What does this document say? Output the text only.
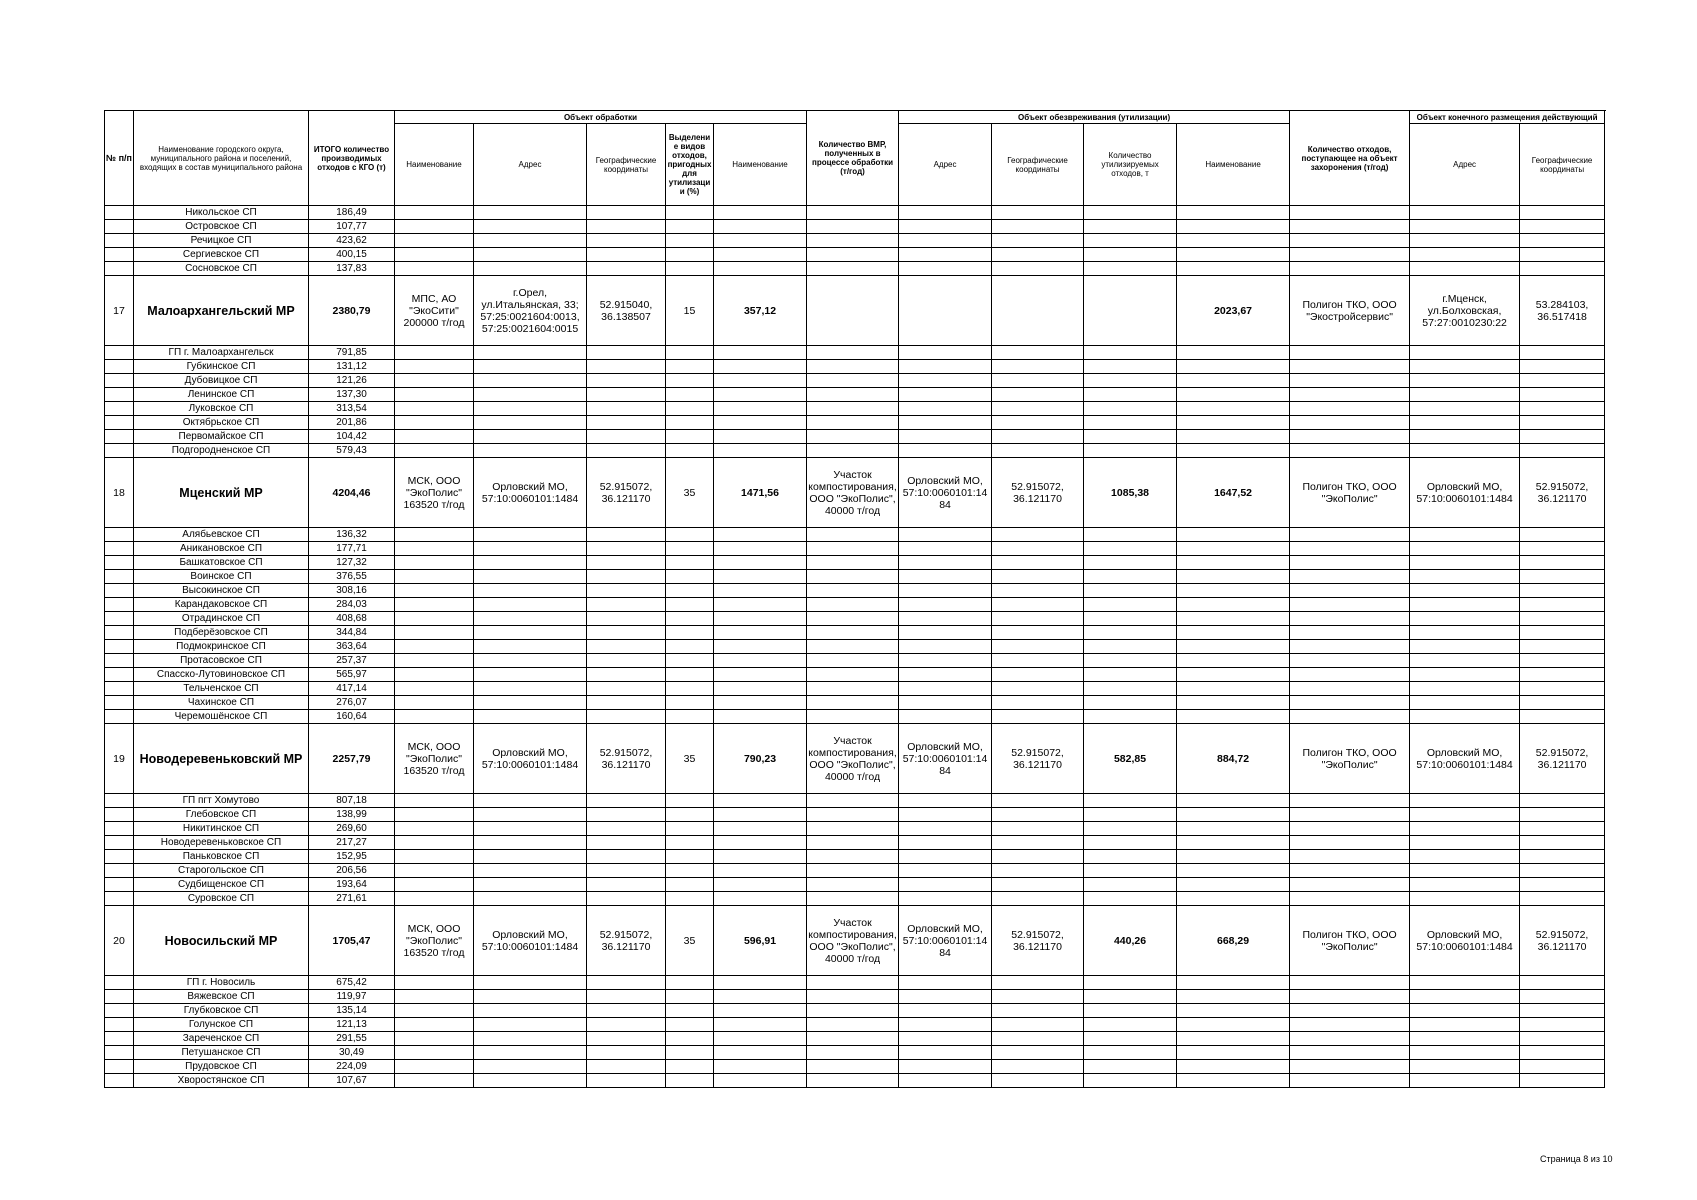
№ п/п	Наименование городского округа, муниципального района и поселений, входящих в состав муниципального района	ИТОГО количество производимых отходов с КГО (т)	Объект обработки					Количество ВМР, полученных в процессе обработки (т/год)	Объект обезвреживания (утилизации)				Количество отходов, поступающее на объект захоронения (т/год)	Объект конечного размещения действующий	
			Наименование	Адрес	Географические координаты	Выделение видов отходов, пригодных для утилизации (%)	Наименование		Адрес	Географические координаты	Количество утилизируемых отходов, т	Наименование		Адрес	Географические координаты
	Никольское СП	186,49													
	Островское СП	107,77													
	Речицкое СП	423,62													
	Сергиевское СП	400,15													
	Сосновское СП	137,83													
17	Малоархангельский МР	2380,79	МПС, АО "ЭкоСити" 200000 т/год	г.Орел, ул.Итальянская, 33; 57:25:0021604:0013, 57:25:0021604:0015	52.915040, 36.138507	15	357,12					2023,67	Полигон ТКО, ООО "Экостройсервис"	г.Мценск, ул.Болховская, 57:27:0010230:22	53.284103, 36.517418
	ГП г. Малоархангельск	791,85													
	Губкинское СП	131,12													
	Дубовицкое СП	121,26													
	Ленинское СП	137,30													
	Луковское СП	313,54													
	Октябрьское СП	201,86													
	Первомайское СП	104,42													
	Подгородненское СП	579,43													
18	Мценский МР	4204,46	МСК, ООО "ЭкоПолис" 163520 т/год	Орловский МО, 57:10:0060101:1484	52.915072, 36.121170	35	1471,56	Участок компостирования, ООО "ЭкоПолис", 40000 т/год	Орловский МО, 57:10:0060101:1484	52.915072, 36.121170	1085,38	1647,52	Полигон ТКО, ООО "ЭкоПолис"	Орловский МО, 57:10:0060101:1484	52.915072, 36.121170
	Алябьевское СП	136,32													
	Аникановское СП	177,71													
	Башкатовское СП	127,32													
	Воинское СП	376,55													
	Высокинское СП	308,16													
	Карандаковское СП	284,03													
	Отрадинское СП	408,68													
	Подберёзовское СП	344,84													
	Подмокринское СП	363,64													
	Протасовское СП	257,37													
	Спасско-Лутовиновское СП	565,97													
	Тельченское СП	417,14													
	Чахинское СП	276,07													
	Черемошёнское СП	160,64													
19	Новодеревеньковский МР	2257,79	МСК, ООО "ЭкоПолис" 163520 т/год	Орловский МО, 57:10:0060101:1484	52.915072, 36.121170	35	790,23	Участок компостирования, ООО "ЭкоПолис", 40000 т/год	Орловский МО, 57:10:0060101:1484	52.915072, 36.121170	582,85	884,72	Полигон ТКО, ООО "ЭкоПолис"	Орловский МО, 57:10:0060101:1484	52.915072, 36.121170
	ГП пгт Хомутово	807,18													
	Глебовское СП	138,99													
	Никитинское СП	269,60													
	Новодеревеньковское СП	217,27													
	Паньковское СП	152,95													
	Старогольское СП	206,56													
	Судбищенское СП	193,64													
	Суровское СП	271,61													
20	Новосильский МР	1705,47	МСК, ООО "ЭкоПолис" 163520 т/год	Орловский МО, 57:10:0060101:1484	52.915072, 36.121170	35	596,91	Участок компостирования, ООО "ЭкоПолис", 40000 т/год	Орловский МО, 57:10:0060101:1484	52.915072, 36.121170	440,26	668,29	Полигон ТКО, ООО "ЭкоПолис"	Орловский МО, 57:10:0060101:1484	52.915072, 36.121170
	ГП г. Новосиль	675,42													
	Вяжевское СП	119,97													
	Глубковское СП	135,14													
	Голунское СП	121,13													
	Зареченское СП	291,55													
	Петушанское СП	30,49													
	Прудовское СП	224,09													
	Хворостянское СП	107,67													
Страница 8 из 10
